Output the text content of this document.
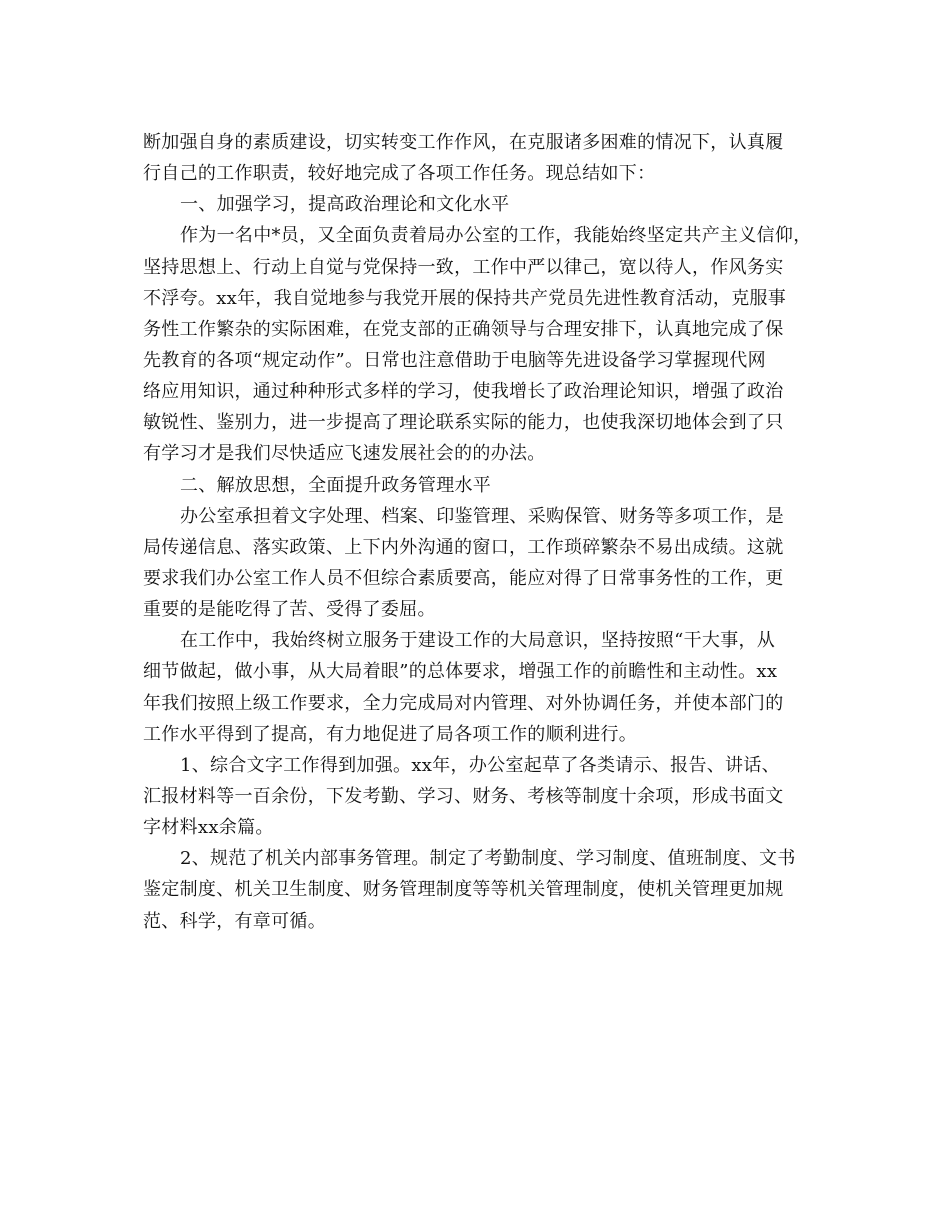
断加强自身的素质建设，切实转变工作作风，在克服诸多困难的情况下，认真履
行自己的工作职责，较好地完成了各项工作任务。现总结如下：
一、加强学习，提高政治理论和文化水平
作为一名中*员，又全面负责着局办公室的工作，我能始终坚定共产主义信仰，
坚持思想上、行动上自觉与党保持一致，工作中严以律己，宽以待人，作风务实
不浮夸。xx年，我自觉地参与我党开展的保持共产党员先进性教育活动，克服事
务性工作繁杂的实际困难，在党支部的正确领导与合理安排下，认真地完成了保
先教育的各项“规定动作”。日常也注意借助于电脑等先进设备学习掌握现代网
络应用知识，通过种种形式多样的学习，使我增长了政治理论知识，增强了政治
敏锐性、鉴别力，进一步提高了理论联系实际的能力，也使我深切地体会到了只
有学习才是我们尽快适应飞速发展社会的的办法。
二、解放思想，全面提升政务管理水平
办公室承担着文字处理、档案、印鉴管理、采购保管、财务等多项工作，是
局传递信息、落实政策、上下内外沟通的窗口，工作琐碎繁杂不易出成绩。这就
要求我们办公室工作人员不但综合素质要高，能应对得了日常事务性的工作，更
重要的是能吃得了苦、受得了委屈。
在工作中，我始终树立服务于建设工作的大局意识，坚持按照“干大事，从
细节做起，做小事，从大局着眼”的总体要求，增强工作的前瞻性和主动性。xx
年我们按照上级工作要求，全力完成局对内管理、对外协调任务，并使本部门的
工作水平得到了提高，有力地促进了局各项工作的顺利进行。
1、综合文字工作得到加强。xx年，办公室起草了各类请示、报告、讲话、
汇报材料等一百余份，下发考勤、学习、财务、考核等制度十余项，形成书面文
字材料xx余篇。
2、规范了机关内部事务管理。制定了考勤制度、学习制度、值班制度、文书
鉴定制度、机关卫生制度、财务管理制度等等机关管理制度，使机关管理更加规
范、科学，有章可循。
